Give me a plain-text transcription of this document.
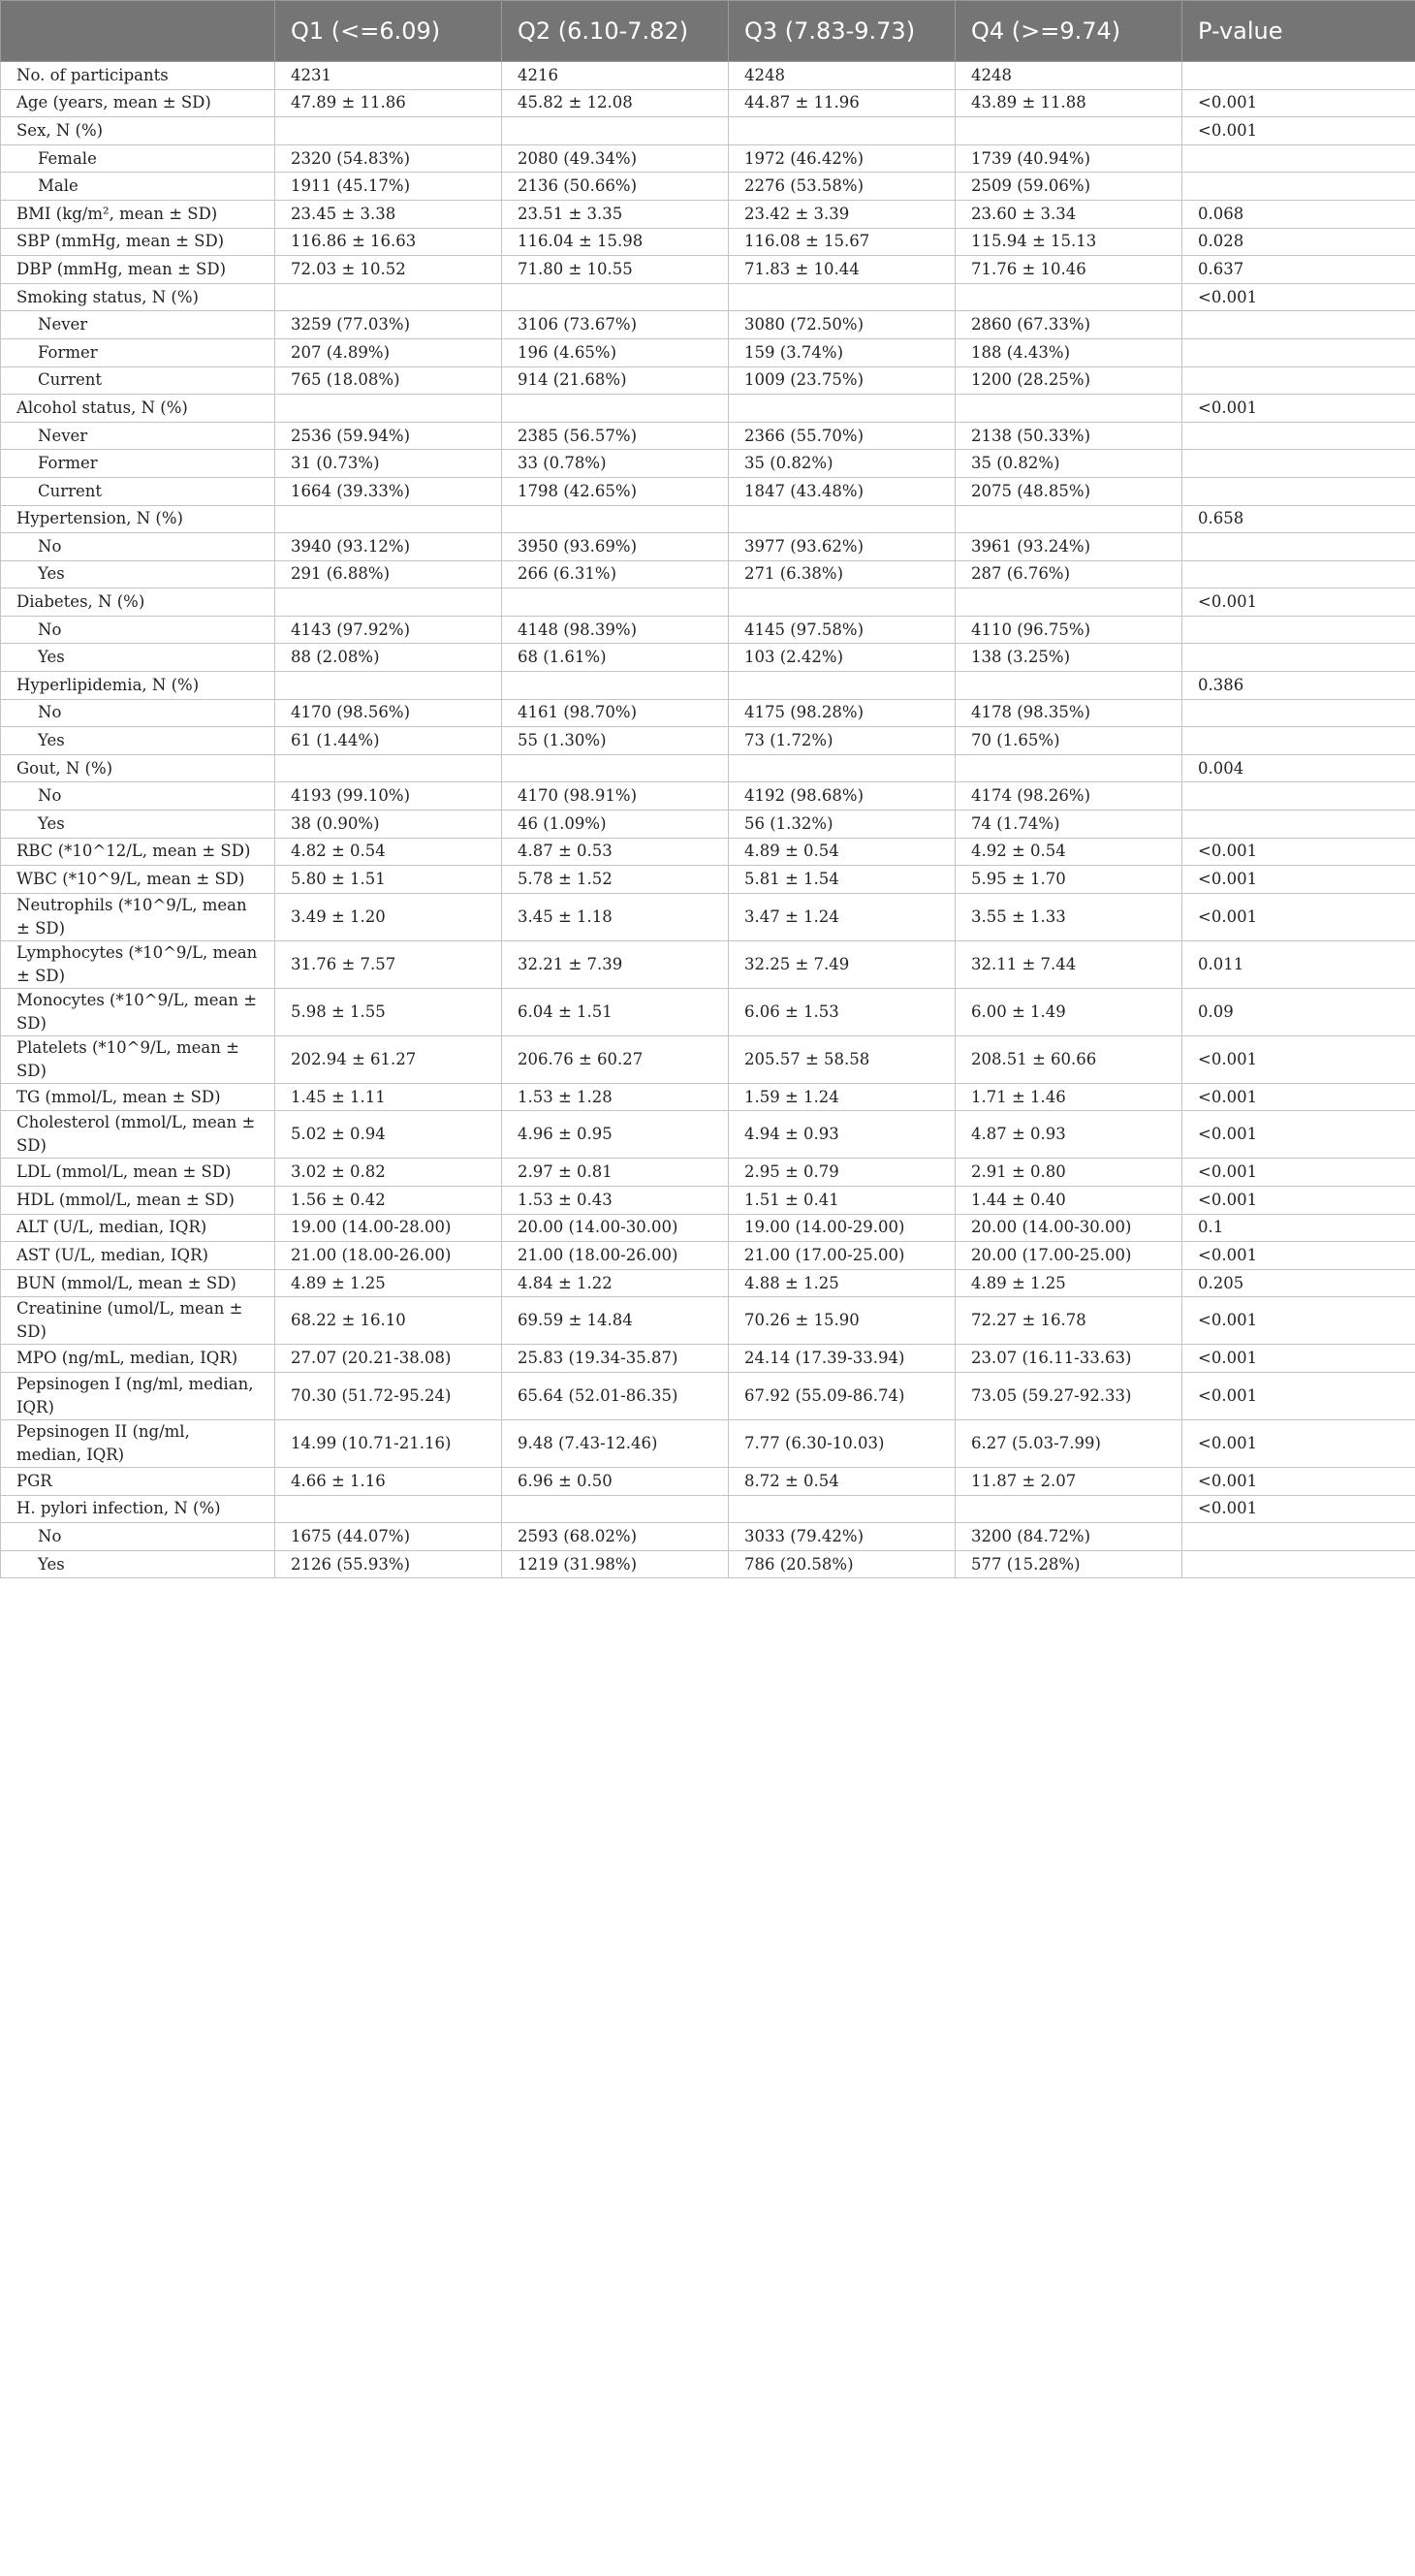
	Q1 (<=6.09)	Q2 (6.10-7.82)	Q3 (7.83-9.73)	Q4 (>=9.74)	P-value
No. of participants	4231	4216	4248	4248	
Age (years, mean ± SD)	47.89 ± 11.86	45.82 ± 12.08	44.87 ± 11.96	43.89 ± 11.88	<0.001
Sex, N (%)					<0.001
Female	2320 (54.83%)	2080 (49.34%)	1972 (46.42%)	1739 (40.94%)	
Male	1911 (45.17%)	2136 (50.66%)	2276 (53.58%)	2509 (59.06%)	
BMI (kg/m², mean ± SD)	23.45 ± 3.38	23.51 ± 3.35	23.42 ± 3.39	23.60 ± 3.34	0.068
SBP (mmHg, mean ± SD)	116.86 ± 16.63	116.04 ± 15.98	116.08 ± 15.67	115.94 ± 15.13	0.028
DBP (mmHg, mean ± SD)	72.03 ± 10.52	71.80 ± 10.55	71.83 ± 10.44	71.76 ± 10.46	0.637
Smoking status, N (%)					<0.001
Never	3259 (77.03%)	3106 (73.67%)	3080 (72.50%)	2860 (67.33%)	
Former	207 (4.89%)	196 (4.65%)	159 (3.74%)	188 (4.43%)	
Current	765 (18.08%)	914 (21.68%)	1009 (23.75%)	1200 (28.25%)	
Alcohol status, N (%)					<0.001
Never	2536 (59.94%)	2385 (56.57%)	2366 (55.70%)	2138 (50.33%)	
Former	31 (0.73%)	33 (0.78%)	35 (0.82%)	35 (0.82%)	
Current	1664 (39.33%)	1798 (42.65%)	1847 (43.48%)	2075 (48.85%)	
Hypertension, N (%)					0.658
No	3940 (93.12%)	3950 (93.69%)	3977 (93.62%)	3961 (93.24%)	
Yes	291 (6.88%)	266 (6.31%)	271 (6.38%)	287 (6.76%)	
Diabetes, N (%)					<0.001
No	4143 (97.92%)	4148 (98.39%)	4145 (97.58%)	4110 (96.75%)	
Yes	88 (2.08%)	68 (1.61%)	103 (2.42%)	138 (3.25%)	
Hyperlipidemia, N (%)					0.386
No	4170 (98.56%)	4161 (98.70%)	4175 (98.28%)	4178 (98.35%)	
Yes	61 (1.44%)	55 (1.30%)	73 (1.72%)	70 (1.65%)	
Gout, N (%)					0.004
No	4193 (99.10%)	4170 (98.91%)	4192 (98.68%)	4174 (98.26%)	
Yes	38 (0.90%)	46 (1.09%)	56 (1.32%)	74 (1.74%)	
RBC (*10^12/L, mean ± SD)	4.82 ± 0.54	4.87 ± 0.53	4.89 ± 0.54	4.92 ± 0.54	<0.001
WBC (*10^9/L, mean ± SD)	5.80 ± 1.51	5.78 ± 1.52	5.81 ± 1.54	5.95 ± 1.70	<0.001
Neutrophils (*10^9/L, mean ± SD)	3.49 ± 1.20	3.45 ± 1.18	3.47 ± 1.24	3.55 ± 1.33	<0.001
Lymphocytes (*10^9/L, mean ± SD)	31.76 ± 7.57	32.21 ± 7.39	32.25 ± 7.49	32.11 ± 7.44	0.011
Monocytes (*10^9/L, mean ± SD)	5.98 ± 1.55	6.04 ± 1.51	6.06 ± 1.53	6.00 ± 1.49	0.09
Platelets (*10^9/L, mean ± SD)	202.94 ± 61.27	206.76 ± 60.27	205.57 ± 58.58	208.51 ± 60.66	<0.001
TG (mmol/L, mean ± SD)	1.45 ± 1.11	1.53 ± 1.28	1.59 ± 1.24	1.71 ± 1.46	<0.001
Cholesterol (mmol/L, mean ± SD)	5.02 ± 0.94	4.96 ± 0.95	4.94 ± 0.93	4.87 ± 0.93	<0.001
LDL (mmol/L, mean ± SD)	3.02 ± 0.82	2.97 ± 0.81	2.95 ± 0.79	2.91 ± 0.80	<0.001
HDL (mmol/L, mean ± SD)	1.56 ± 0.42	1.53 ± 0.43	1.51 ± 0.41	1.44 ± 0.40	<0.001
ALT (U/L, median, IQR)	19.00 (14.00-28.00)	20.00 (14.00-30.00)	19.00 (14.00-29.00)	20.00 (14.00-30.00)	0.1
AST (U/L, median, IQR)	21.00 (18.00-26.00)	21.00 (18.00-26.00)	21.00 (17.00-25.00)	20.00 (17.00-25.00)	<0.001
BUN (mmol/L, mean ± SD)	4.89 ± 1.25	4.84 ± 1.22	4.88 ± 1.25	4.89 ± 1.25	0.205
Creatinine (umol/L, mean ± SD)	68.22 ± 16.10	69.59 ± 14.84	70.26 ± 15.90	72.27 ± 16.78	<0.001
MPO (ng/mL, median, IQR)	27.07 (20.21-38.08)	25.83 (19.34-35.87)	24.14 (17.39-33.94)	23.07 (16.11-33.63)	<0.001
Pepsinogen I (ng/ml, median, IQR)	70.30 (51.72-95.24)	65.64 (52.01-86.35)	67.92 (55.09-86.74)	73.05 (59.27-92.33)	<0.001
Pepsinogen II (ng/ml, median, IQR)	14.99 (10.71-21.16)	9.48 (7.43-12.46)	7.77 (6.30-10.03)	6.27 (5.03-7.99)	<0.001
PGR	4.66 ± 1.16	6.96 ± 0.50	8.72 ± 0.54	11.87 ± 2.07	<0.001
H. pylori infection, N (%)					<0.001
No	1675 (44.07%)	2593 (68.02%)	3033 (79.42%)	3200 (84.72%)	
Yes	2126 (55.93%)	1219 (31.98%)	786 (20.58%)	577 (15.28%)	
